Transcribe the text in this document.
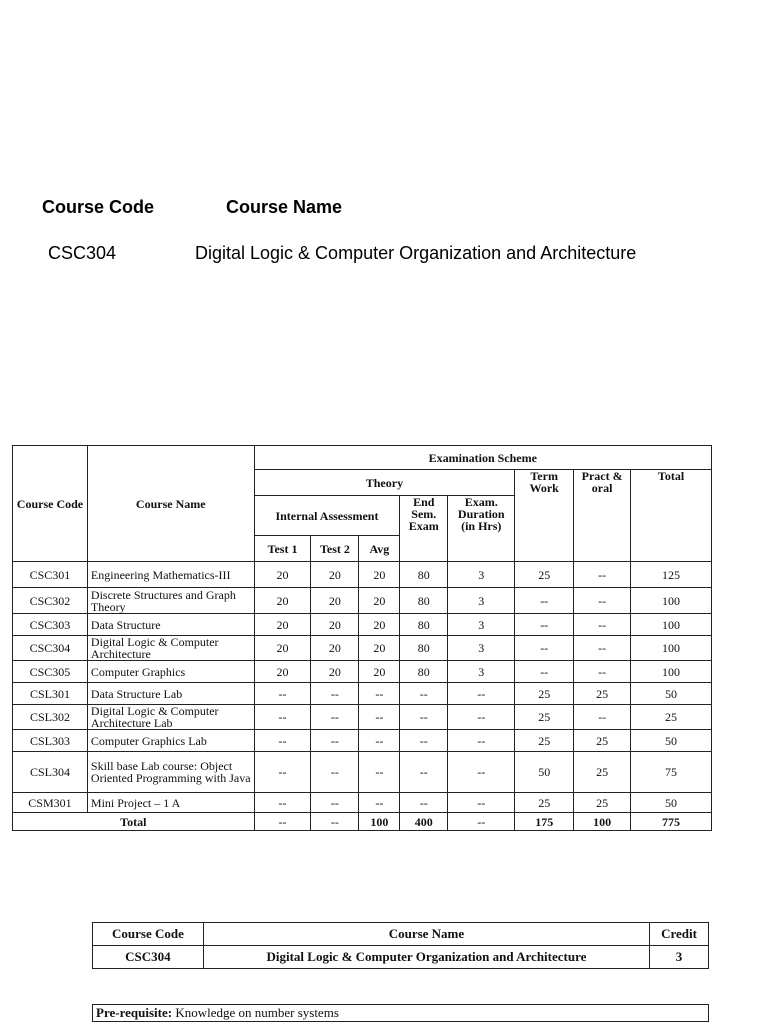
Course Code	Course Name
CSC304	Digital Logic & Computer Organization and Architecture
Course Code	Course Name	Examination Scheme							
		Theory					Term Work	Pract & oral	Total
		Internal Assessment			End Sem. Exam	Exam. Duration (in Hrs)			
		Test 1	Test 2	Avg					
CSC301	Engineering Mathematics-III	20	20	20	80	3	25	--	125
CSC302	Discrete Structures and Graph Theory	20	20	20	80	3	--	--	100
CSC303	Data Structure	20	20	20	80	3	--	--	100
CSC304	Digital Logic & Computer Architecture	20	20	20	80	3	--	--	100
CSC305	Computer Graphics	20	20	20	80	3	--	--	100
CSL301	Data Structure Lab	--	--	--	--	--	25	25	50
CSL302	Digital Logic & Computer Architecture Lab	--	--	--	--	--	25	--	25
CSL303	Computer Graphics Lab	--	--	--	--	--	25	25	50
CSL304	Skill base Lab course: Object Oriented Programming with Java	--	--	--	--	--	50	25	75
CSM301	Mini Project – 1 A	--	--	--	--	--	25	25	50
Total		--	--	100	400	--	175	100	775
Course Code	Course Name	Credit
CSC304	Digital Logic & Computer Organization and Architecture	3
Pre-requisite: Knowledge on number systems
